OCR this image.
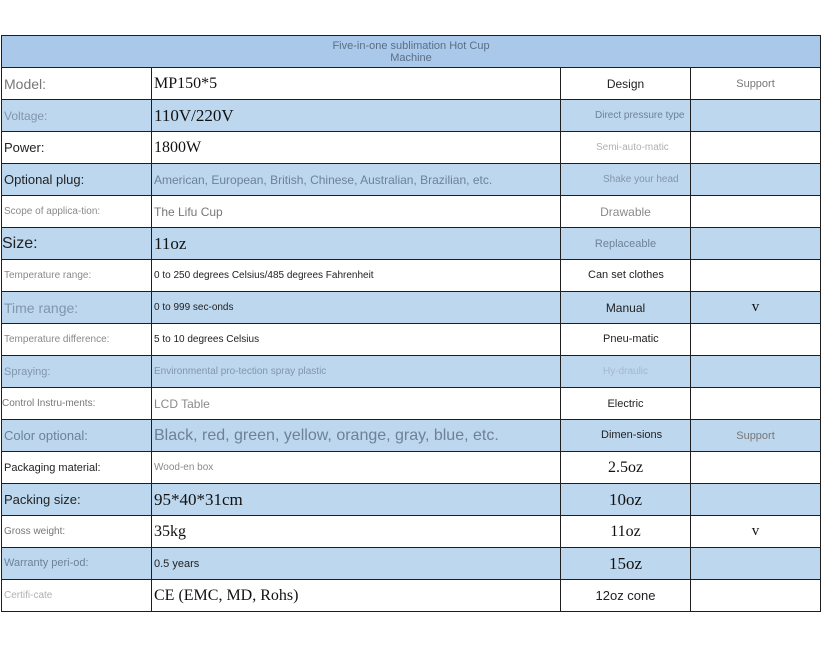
Five-in-one sublimation Hot Cup
Machine			
Model:	MP150*5	Design	Support
Voltage:	110V/220V	Direct pressure type	
Power:	1800W	Semi-auto-matic	
Optional plug:	American, European, British, Chinese, Australian, Brazilian, etc.	Shake your head	
Scope of applica-tion:	The Lifu Cup	Drawable	
Size:	11oz	Replaceable	
Temperature range:	0 to 250 degrees Celsius/485 degrees Fahrenheit	Can set clothes	
Time range:	0 to 999 sec-onds	Manual	v
Temperature difference:	5 to 10 degrees Celsius	Pneu-matic	
Spraying:	Environmental pro-tection spray plastic	Hy-draulic	
Control Instru-ments:	LCD Table	Electric	
Color optional:	Black, red, green, yellow, orange, gray, blue, etc.	Dimen-sions	Support
Packaging material:	Wood-en box	2.5oz	
Packing size:	95*40*31cm	10oz	
Gross weight:	35kg	11oz	v
Warranty peri-od:	0.5 years	15oz	
Certifi-cate	CE (EMC, MD, Rohs)	12oz cone	
